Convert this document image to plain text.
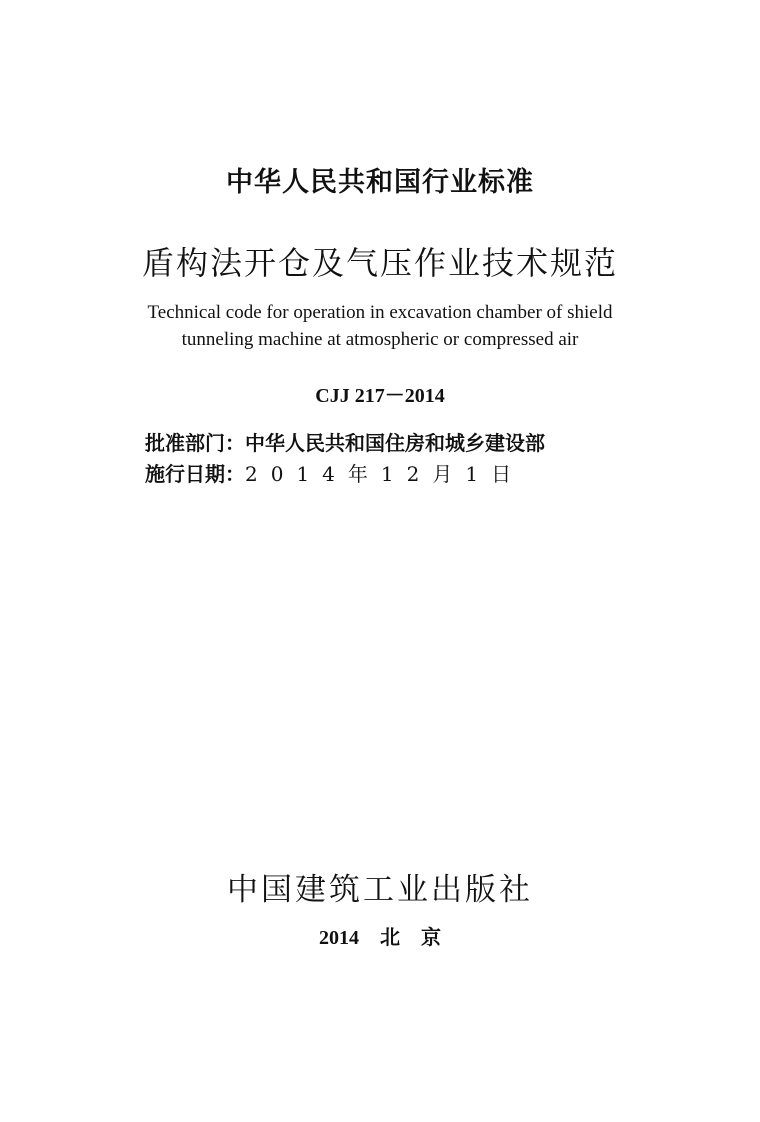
中华人民共和国行业标准
盾构法开仓及气压作业技术规范
Technical code for operation in excavation chamber of shield
tunneling machine at atmospheric or compressed air
CJJ 217－2014
批准部门：中华人民共和国住房和城乡建设部
施行日期：2014年12月1日
中国建筑工业出版社
2014 北 京
